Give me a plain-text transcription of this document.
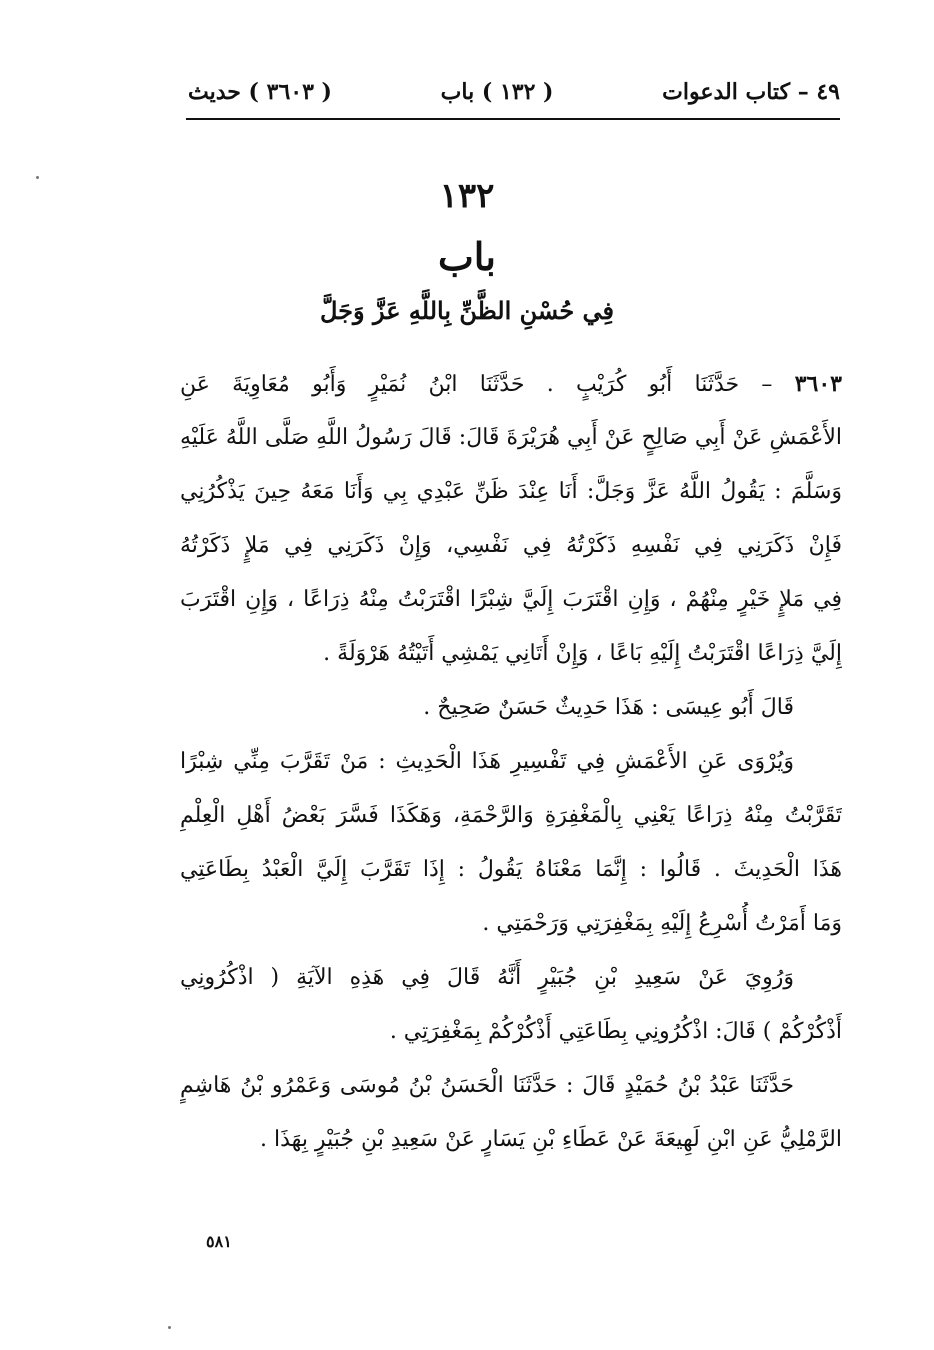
٤٩ – كتاب الدعوات
( ١٣٢ ) باب
( ٣٦٠٣ ) حديث
١٣٢
باب
فِي حُسْنِ الظَّنِّ بِاللَّهِ عَزَّ وَجَلَّ
٣٦٠٣ – حَدَّثَنَا أَبُو كُرَيْبٍ . حَدَّثَنَا ابْنُ نُمَيْرٍ وَأَبُو مُعَاوِيَةَ عَنِ
الأَعْمَشِ عَنْ أَبِي صَالِحٍ عَنْ أَبِي هُرَيْرَةَ قَالَ: قَالَ رَسُولُ اللَّهِ صَلَّى اللَّهُ عَلَيْهِ
وَسَلَّمَ : يَقُولُ اللَّهُ عَزَّ وَجَلَّ: أَنَا عِنْدَ ظَنِّ عَبْدِي بِي وَأَنَا مَعَهُ حِينَ يَذْكُرُنِي
فَإِنْ ذَكَرَنِي فِي نَفْسِهِ ذَكَرْتُهُ فِي نَفْسِي، وَإِنْ ذَكَرَنِي فِي مَلإٍ ذَكَرْتُهُ
فِي مَلإٍ خَيْرٍ مِنْهُمْ ، وَإِنِ اقْتَرَبَ إِلَيَّ شِبْرًا اقْتَرَبْتُ مِنْهُ ذِرَاعًا ، وَإِنِ اقْتَرَبَ
إِلَيَّ ذِرَاعًا اقْتَرَبْتُ إِلَيْهِ بَاعًا ، وَإِنْ أَتَانِي يَمْشِي أَتَيْتُهُ هَرْوَلَةً .
قَالَ أَبُو عِيسَى : هَذَا حَدِيثٌ حَسَنٌ صَحِيحٌ .
وَيُرْوَى عَنِ الأَعْمَشِ فِي تَفْسِيرِ هَذَا الْحَدِيثِ : مَنْ تَقَرَّبَ مِنِّي شِبْرًا
تَقَرَّبْتُ مِنْهُ ذِرَاعًا يَعْنِي بِالْمَغْفِرَةِ وَالرَّحْمَةِ، وَهَكَذَا فَسَّرَ بَعْضُ أَهْلِ الْعِلْمِ
هَذَا الْحَدِيثَ . قَالُوا : إِنَّمَا مَعْنَاهُ يَقُولُ : إِذَا تَقَرَّبَ إِلَيَّ الْعَبْدُ بِطَاعَتِي
وَمَا أَمَرْتُ أُسْرِعُ إِلَيْهِ بِمَغْفِرَتِي وَرَحْمَتِي .
وَرُوِيَ عَنْ سَعِيدِ بْنِ جُبَيْرٍ أَنَّهُ قَالَ فِي هَذِهِ الآيَةِ ( اذْكُرُونِي
أَذْكُرْكُمْ ) قَالَ: اذْكُرُونِي بِطَاعَتِي أَذْكُرْكُمْ بِمَغْفِرَتِي .
حَدَّثَنَا عَبْدُ بْنُ حُمَيْدٍ قَالَ : حَدَّثَنَا الْحَسَنُ بْنُ مُوسَى وَعَمْرُو بْنُ هَاشِمٍ
الرَّمْلِيُّ عَنِ ابْنِ لَهِيعَةَ عَنْ عَطَاءِ بْنِ يَسَارٍ عَنْ سَعِيدِ بْنِ جُبَيْرٍ بِهَذَا .
٥٨١
